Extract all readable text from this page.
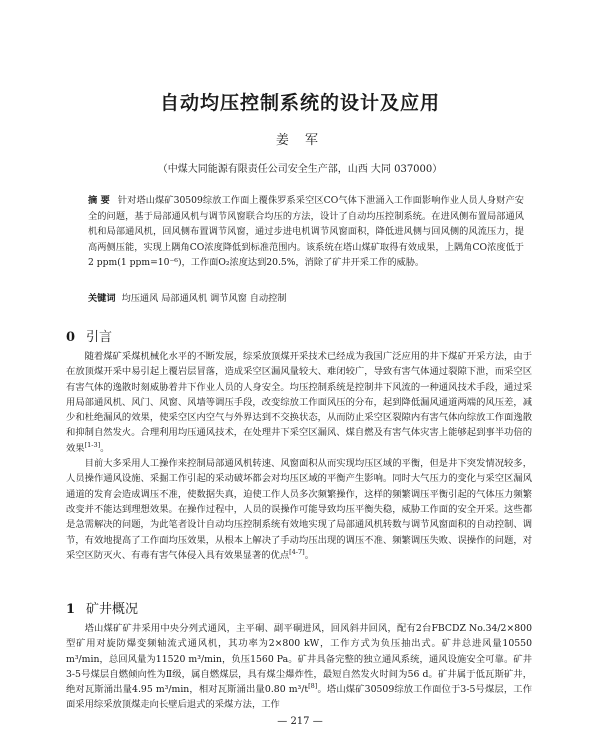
自动均压控制系统的设计及应用
姜 军
（中煤大同能源有限责任公司安全生产部，山西 大同 037000）
摘 要 针对塔山煤矿30509综放工作面上覆侏罗系采空区CO气体下泄涌入工作面影响作业人员人身财产安全的问题，基于局部通风机与调节风窗联合均压的方法，设计了自动均压控制系统。在进风侧布置局部通风机和局部通风机，回风侧布置调节风窗，通过步进电机调节风窗面积，降低进风侧与回风侧的风流压力，提高两侧压能，实现上隅角CO浓度降低到标准范围内。该系统在塔山煤矿取得有效成果，上隅角CO浓度低于2 ppm(1 ppm=10⁻⁶)，工作面O₂浓度达到20.5%，消除了矿井开采工作的威胁。
关键词 均压通风 局部通风机 调节风窗 自动控制
0 引言

随着煤矿采煤机械化水平的不断发展，综采放顶煤开采技术已经成为我国广泛应用的井下煤矿开采方法，由于在放顶煤开采中易引起上覆岩层冒落，造成采空区漏风量较大、难闭较广，导致有害气体通过裂隙下泄，而采空区有害气体的逸散时刻威胁着井下作业人员的人身安全。均压控制系统是控制井下风流的一种通风技术手段，通过采用局部通风机、风门、风窗、风墙等调压手段，改变综放工作面风压的分布，起到降低漏风通道两端的风压差，减少和杜绝漏风的效果，使采空区内空气与外界达到不交换状态，从而防止采空区裂隙内有害气体向综放工作面逸散和抑制自然发火。合理利用均压通风技术，在处理井下采空区漏风、煤自燃及有害气体灾害上能够起到事半功倍的效果[1-3]。

目前大多采用人工操作来控制局部通风机转速、风窗面积从而实现均压区域的平衡，但是井下突发情况较多，人员操作通风设施、采掘工作引起的采动破坏都会对均压区域的平衡产生影响。同时大气压力的变化与采空区漏风通道的发育会造成调压不准，使数据失真，迫使工作人员多次频繁操作，这样的频繁调压平衡引起的气体压力频繁改变并不能达到理想效果。在操作过程中，人员的误操作可能导致均压平衡失稳，威胁工作面的安全开采。这些都是急需解决的问题，为此笔者设计自动均压控制系统有效地实现了局部通风机转数与调节风窗面积的自动控制、调节，有效地提高了工作面均压效果，从根本上解决了手动均压出现的调压不准、频繁调压失败、误操作的问题，对采空区防灭火、有毒有害气体侵入具有效果显著的优点[4-7]。

1 矿井概况

塔山煤矿矿井采用中央分列式通风，主平硐、副平硐进风，回风斜井回风，配有2台FBCDZ No.34/2×800型矿用对旋防爆变频轴流式通风机，其功率为2×800 kW，工作方式为负压抽出式。矿井总进风量10550 m³/min，总回风量为11520 m³/min，负压1560 Pa。矿井具备完整的独立通风系统，通风设施安全可靠。矿井3-5号煤层自燃倾向性为Ⅱ级，属自燃煤层，具有煤尘爆炸性，最短自然发火时间为56 d。矿井属于低瓦斯矿井，绝对瓦斯涌出量4.95 m³/min，相对瓦斯涌出量0.80 m³/t[8]。塔山煤矿30509综放工作面位于3-5号煤层，工作面采用综采放顶煤走向长壁后退式的采煤方法，工作

— 217 —
